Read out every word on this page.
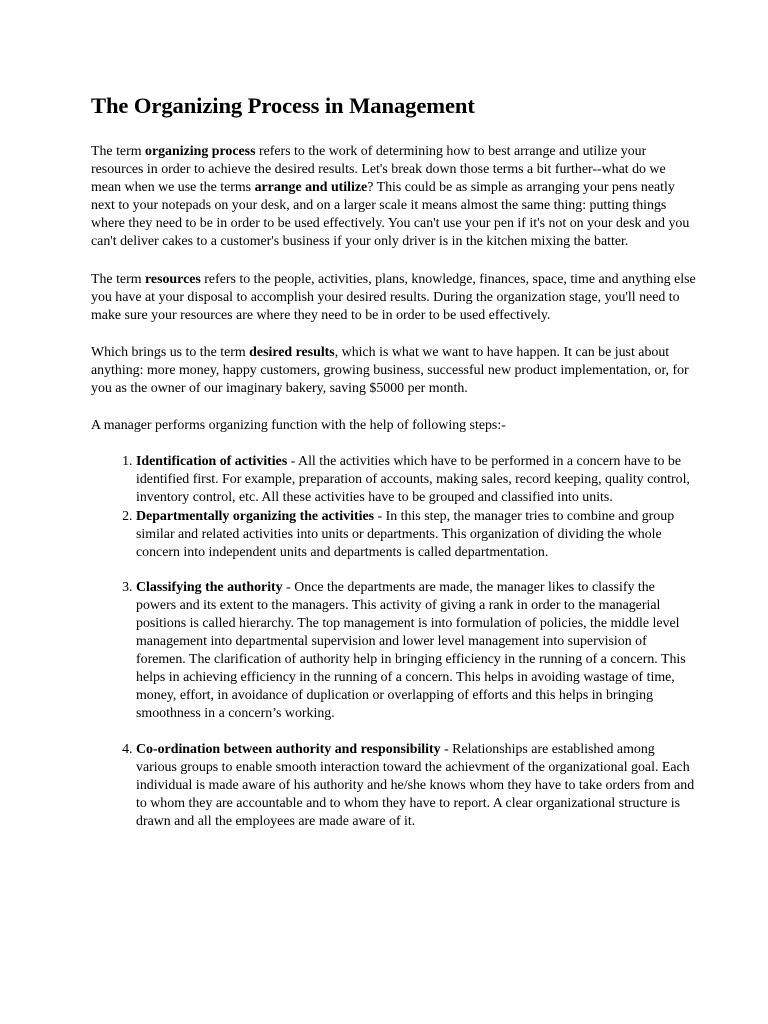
The Organizing Process in Management

The term organizing process refers to the work of determining how to best arrange and utilize your resources in order to achieve the desired results. Let's break down those terms a bit further--what do we mean when we use the terms arrange and utilize? This could be as simple as arranging your pens neatly next to your notepads on your desk, and on a larger scale it means almost the same thing: putting things where they need to be in order to be used effectively. You can't use your pen if it's not on your desk and you can't deliver cakes to a customer's business if your only driver is in the kitchen mixing the batter.

The term resources refers to the people, activities, plans, knowledge, finances, space, time and anything else you have at your disposal to accomplish your desired results. During the organization stage, you'll need to make sure your resources are where they need to be in order to be used effectively.

Which brings us to the term desired results, which is what we want to have happen. It can be just about anything: more money, happy customers, growing business, successful new product implementation, or, for you as the owner of our imaginary bakery, saving $5000 per month.

A manager performs organizing function with the help of following steps:-

1. Identification of activities - All the activities which have to be performed in a concern have to be identified first. For example, preparation of accounts, making sales, record keeping, quality control, inventory control, etc. All these activities have to be grouped and classified into units.
2. Departmentally organizing the activities - In this step, the manager tries to combine and group similar and related activities into units or departments. This organization of dividing the whole concern into independent units and departments is called departmentation.
3. Classifying the authority - Once the departments are made, the manager likes to classify the powers and its extent to the managers. This activity of giving a rank in order to the managerial positions is called hierarchy. The top management is into formulation of policies, the middle level management into departmental supervision and lower level management into supervision of foremen. The clarification of authority help in bringing efficiency in the running of a concern. This helps in achieving efficiency in the running of a concern. This helps in avoiding wastage of time, money, effort, in avoidance of duplication or overlapping of efforts and this helps in bringing smoothness in a concern’s working.
4. Co-ordination between authority and responsibility - Relationships are established among various groups to enable smooth interaction toward the achievment of the organizational goal. Each individual is made aware of his authority and he/she knows whom they have to take orders from and to whom they are accountable and to whom they have to report. A clear organizational structure is drawn and all the employees are made aware of it.
